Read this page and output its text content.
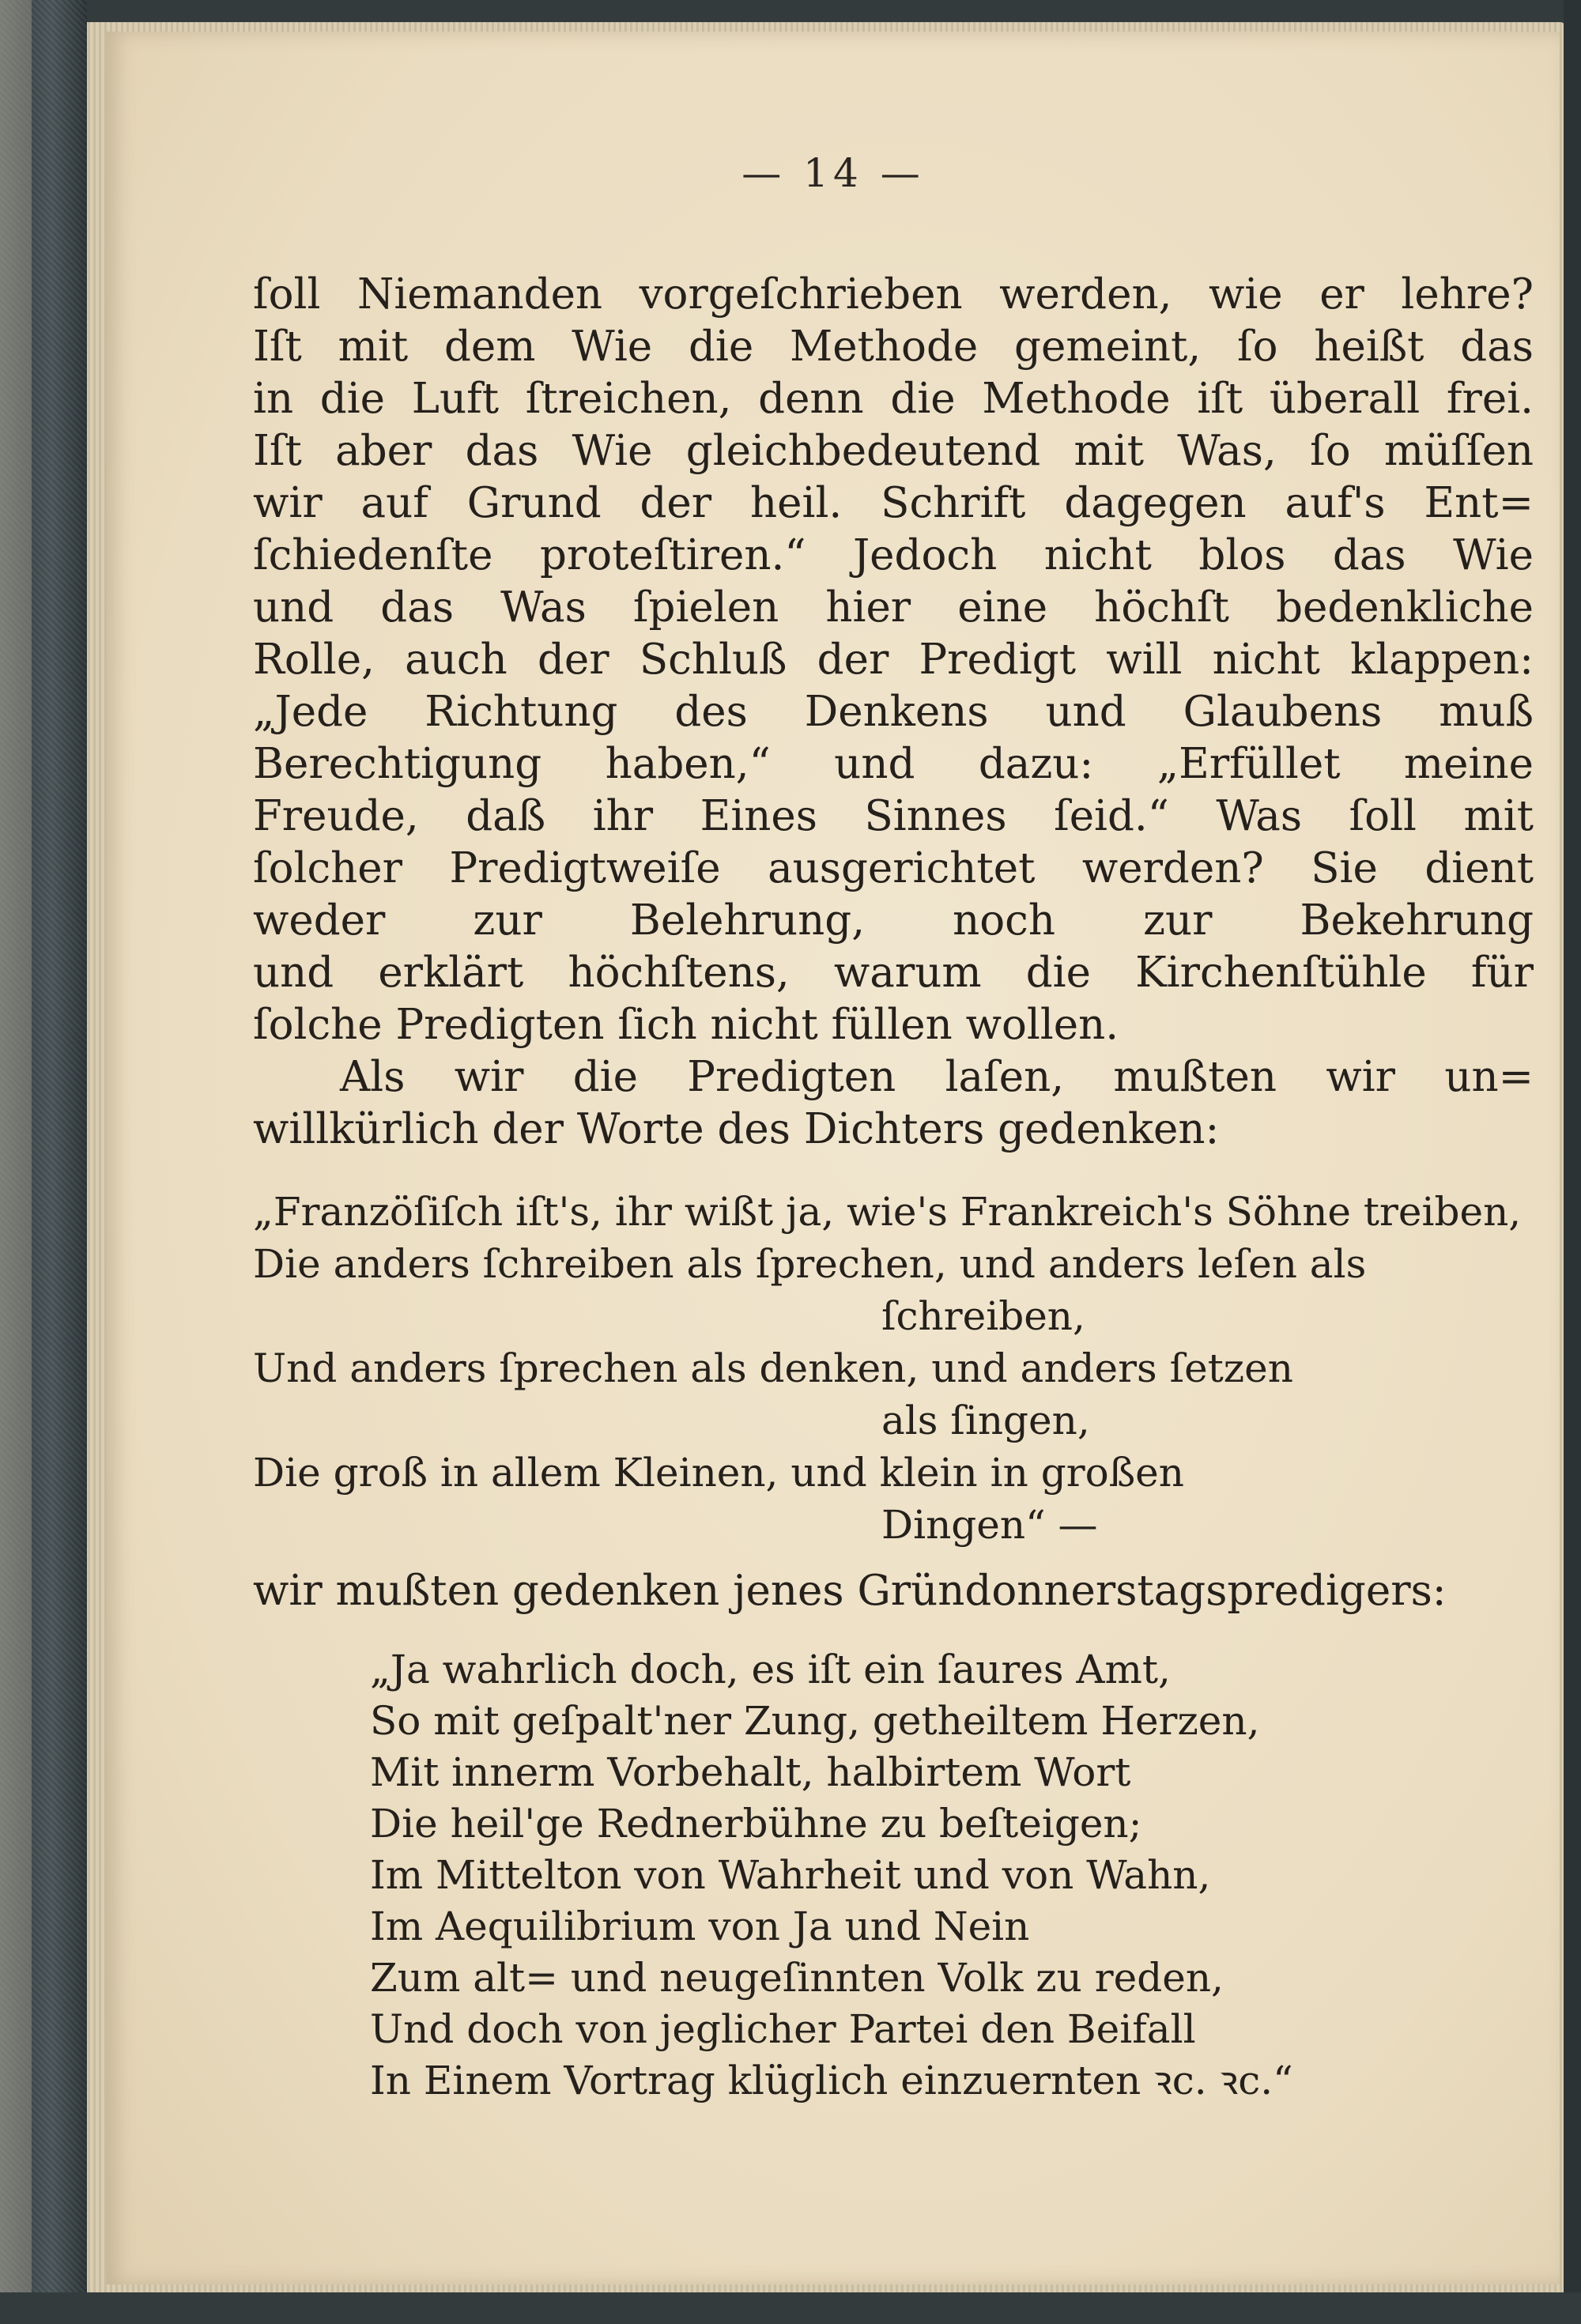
— 14 —
ſoll Niemanden vorgeſchrieben werden, wie er lehre?
Iſt mit dem Wie die Methode gemeint, ſo heißt das
in die Luft ſtreichen, denn die Methode iſt überall frei.
Iſt aber das Wie gleichbedeutend mit Was, ſo müſſen
wir auf Grund der heil. Schrift dagegen auf's Ent=
ſchiedenſte proteſtiren.“ Jedoch nicht blos das Wie
und das Was ſpielen hier eine höchſt bedenkliche
Rolle, auch der Schluß der Predigt will nicht klappen:
„Jede Richtung des Denkens und Glaubens muß
Berechtigung haben,“ und dazu: „Erfüllet meine
Freude, daß ihr Eines Sinnes ſeid.“ Was ſoll mit
ſolcher Predigtweiſe ausgerichtet werden? Sie dient
weder zur Belehrung, noch zur Bekehrung
und erklärt höchſtens, warum die Kirchenſtühle für
ſolche Predigten ſich nicht füllen wollen.
Als wir die Predigten laſen, mußten wir un=
willkürlich der Worte des Dichters gedenken:
„Franzöſiſch iſt's, ihr wißt ja, wie's Frankreich's Söhne treiben,
Die anders ſchreiben als ſprechen, und anders leſen als
ſchreiben,
Und anders ſprechen als denken, und anders ſetzen
als ſingen,
Die groß in allem Kleinen, und klein in großen
Dingen“ —
wir mußten gedenken jenes Gründonnerstagspredigers:
„Ja wahrlich doch, es iſt ein ſaures Amt,
So mit geſpalt'ner Zung, getheiltem Herzen,
Mit innerm Vorbehalt, halbirtem Wort
Die heil'ge Rednerbühne zu beſteigen;
Im Mittelton von Wahrheit und von Wahn,
Im Aequilibrium von Ja und Nein
Zum alt= und neugeſinnten Volk zu reden,
Und doch von jeglicher Partei den Beifall
In Einem Vortrag klüglich einzuernten ꝛc. ꝛc.“
